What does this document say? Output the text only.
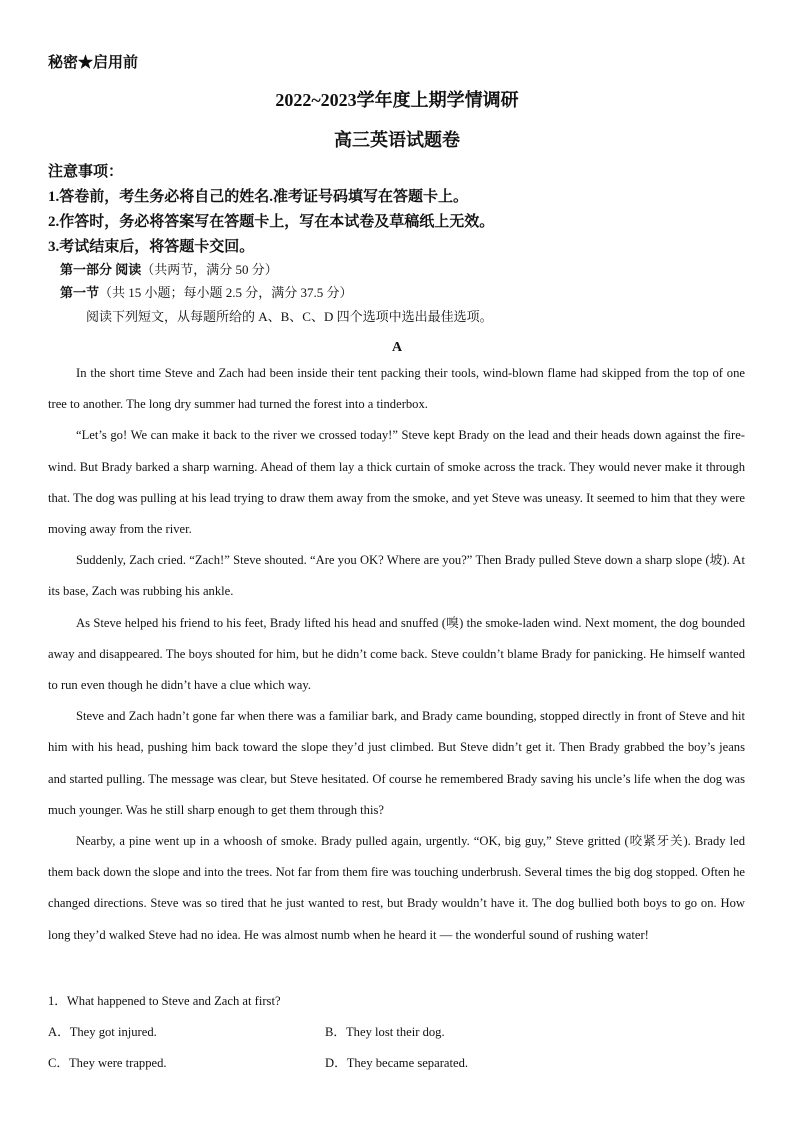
秘密★启用前
2022~2023学年度上期学情调研
高三英语试题卷
注意事项：
1.答卷前，考生务必将自己的姓名.准考证号码填写在答题卡上。
2.作答时，务必将答案写在答题卡上，写在本试卷及草稿纸上无效。
3.考试结束后，将答题卡交回。
第一部分 阅读（共两节，满分 50 分）
第一节（共 15 小题；每小题 2.5 分，满分 37.5 分）
阅读下列短文，从每题所给的 A、B、C、D 四个选项中选出最佳选项。
A

In the short time Steve and Zach had been inside their tent packing their tools, wind-blown flame had skipped from the top of one tree to another. The long dry summer had turned the forest into a tinderbox.

“Let’s go! We can make it back to the river we crossed today!” Steve kept Brady on the lead and their heads down against the fire-wind. But Brady barked a sharp warning. Ahead of them lay a thick curtain of smoke across the track. They would never make it through that. The dog was pulling at his lead trying to draw them away from the smoke, and yet Steve was uneasy. It seemed to him that they were moving away from the river.

Suddenly, Zach cried. “Zach!” Steve shouted. “Are you OK? Where are you?” Then Brady pulled Steve down a sharp slope (坡). At its base, Zach was rubbing his ankle.

As Steve helped his friend to his feet, Brady lifted his head and snuffed (嗅) the smoke-laden wind. Next moment, the dog bounded away and disappeared. The boys shouted for him, but he didn’t come back. Steve couldn’t blame Brady for panicking. He himself wanted to run even though he didn’t have a clue which way.

Steve and Zach hadn’t gone far when there was a familiar bark, and Brady came bounding, stopped directly in front of Steve and hit him with his head, pushing him back toward the slope they’d just climbed. But Steve didn’t get it. Then Brady grabbed the boy’s jeans and started pulling. The message was clear, but Steve hesitated. Of course he remembered Brady saving his uncle’s life when the dog was much younger. Was he still sharp enough to get them through this?

Nearby, a pine went up in a whoosh of smoke. Brady pulled again, urgently. “OK, big guy,” Steve gritted (咬紧牙关). Brady led them back down the slope and into the trees. Not far from them fire was touching underbrush. Several times the big dog stopped. Often he changed directions. Steve was so tired that he just wanted to rest, but Brady wouldn’t have it. The dog bullied both boys to go on. How long they’d walked Steve had no idea. He was almost numb when he heard it — the wonderful sound of rushing water!

1．What happened to Steve and Zach at first?
A．They got injured.	B．They lost their dog.
C．They were trapped.	D．They became separated.
